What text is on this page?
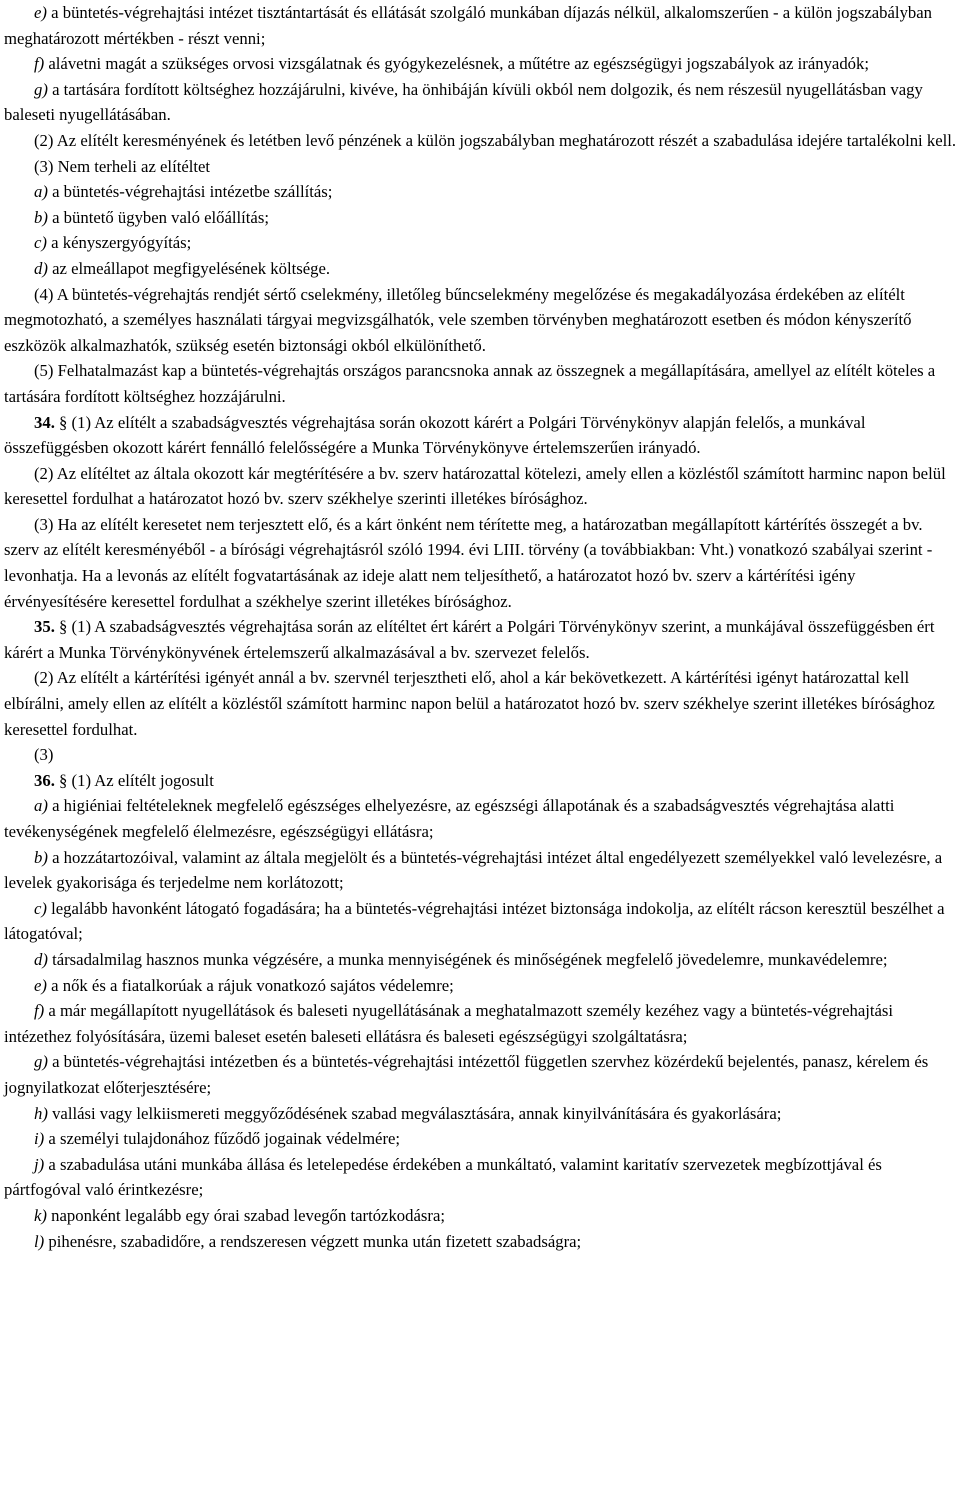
e) a büntetés-végrehajtási intézet tisztántartását és ellátását szolgáló munkában díjazás nélkül, alkalomszerűen - a külön jogszabályban meghatározott mértékben - részt venni;

f) alávetni magát a szükséges orvosi vizsgálatnak és gyógykezelésnek, a műtétre az egészségügyi jogszabályok az irányadók;

g) a tartására fordított költséghez hozzájárulni, kivéve, ha önhibáján kívüli okból nem dolgozik, és nem részesül nyugellátásban vagy baleseti nyugellátásában.

(2) Az elítélt keresményének és letétben levő pénzének a külön jogszabályban meghatározott részét a szabadulása idejére tartalékolni kell.

(3) Nem terheli az elítéltet

a) a büntetés-végrehajtási intézetbe szállítás;

b) a büntető ügyben való előállítás;

c) a kényszergyógyítás;

d) az elmeállapot megfigyelésének költsége.

(4) A büntetés-végrehajtás rendjét sértő cselekmény, illetőleg bűncselekmény megelőzése és megakadályozása érdekében az elítélt megmotozható, a személyes használati tárgyai megvizsgálhatók, vele szemben törvényben meghatározott esetben és módon kényszerítő eszközök alkalmazhatók, szükség esetén biztonsági okból elkülöníthető.

(5) Felhatalmazást kap a büntetés-végrehajtás országos parancsnoka annak az összegnek a megállapítására, amellyel az elítélt köteles a tartására fordított költséghez hozzájárulni.

34. § (1) Az elítélt a szabadságvesztés végrehajtása során okozott kárért a Polgári Törvénykönyv alapján felelős, a munkával összefüggésben okozott kárért fennálló felelősségére a Munka Törvénykönyve értelemszerűen irányadó.

(2) Az elítéltet az általa okozott kár megtérítésére a bv. szerv határozattal kötelezi, amely ellen a közléstől számított harminc napon belül keresettel fordulhat a határozatot hozó bv. szerv székhelye szerinti illetékes bírósághoz.

(3) Ha az elítélt keresetet nem terjesztett elő, és a kárt önként nem térítette meg, a határozatban megállapított kártérítés összegét a bv. szerv az elítélt keresményéből - a bírósági végrehajtásról szóló 1994. évi LIII. törvény (a továbbiakban: Vht.) vonatkozó szabályai szerint - levonhatja. Ha a levonás az elítélt fogvatartásának az ideje alatt nem teljesíthető, a határozatot hozó bv. szerv a kártérítési igény érvényesítésére keresettel fordulhat a székhelye szerint illetékes bírósághoz.

35. § (1) A szabadságvesztés végrehajtása során az elítéltet ért kárért a Polgári Törvénykönyv szerint, a munkájával összefüggésben ért kárért a Munka Törvénykönyvének értelemszerű alkalmazásával a bv. szervezet felelős.

(2) Az elítélt a kártérítési igényét annál a bv. szervnél terjesztheti elő, ahol a kár bekövetkezett. A kártérítési igényt határozattal kell elbírálni, amely ellen az elítélt a közléstől számított harminc napon belül a határozatot hozó bv. szerv székhelye szerint illetékes bírósághoz keresettel fordulhat.

(3)

36. § (1) Az elítélt jogosult

a) a higiéniai feltételeknek megfelelő egészséges elhelyezésre, az egészségi állapotának és a szabadságvesztés végrehajtása alatti tevékenységének megfelelő élelmezésre, egészségügyi ellátásra;

b) a hozzátartozóival, valamint az általa megjelölt és a büntetés-végrehajtási intézet által engedélyezett személyekkel való levelezésre, a levelek gyakorisága és terjedelme nem korlátozott;

c) legalább havonként látogató fogadására; ha a büntetés-végrehajtási intézet biztonsága indokolja, az elítélt rácson keresztül beszélhet a látogatóval;

d) társadalmilag hasznos munka végzésére, a munka mennyiségének és minőségének megfelelő jövedelemre, munkavédelemre;

e) a nők és a fiatalkorúak a rájuk vonatkozó sajátos védelemre;

f) a már megállapított nyugellátások és baleseti nyugellátásának a meghatalmazott személy kezéhez vagy a büntetés-végrehajtási intézethez folyósítására, üzemi baleset esetén baleseti ellátásra és baleseti egészségügyi szolgáltatásra;

g) a büntetés-végrehajtási intézetben és a büntetés-végrehajtási intézettől független szervhez közérdekű bejelentés, panasz, kérelem és jognyilatkozat előterjesztésére;

h) vallási vagy lelkiismereti meggyőződésének szabad megválasztására, annak kinyilvánítására és gyakorlására;

i) a személyi tulajdonához fűződő jogainak védelmére;

j) a szabadulása utáni munkába állása és letelepedése érdekében a munkáltató, valamint karitatív szervezetek megbízottjával és pártfogóval való érintkezésre;

k) naponként legalább egy órai szabad levegőn tartózkodásra;

l) pihenésre, szabadidőre, a rendszeresen végzett munka után fizetett szabadságra;
